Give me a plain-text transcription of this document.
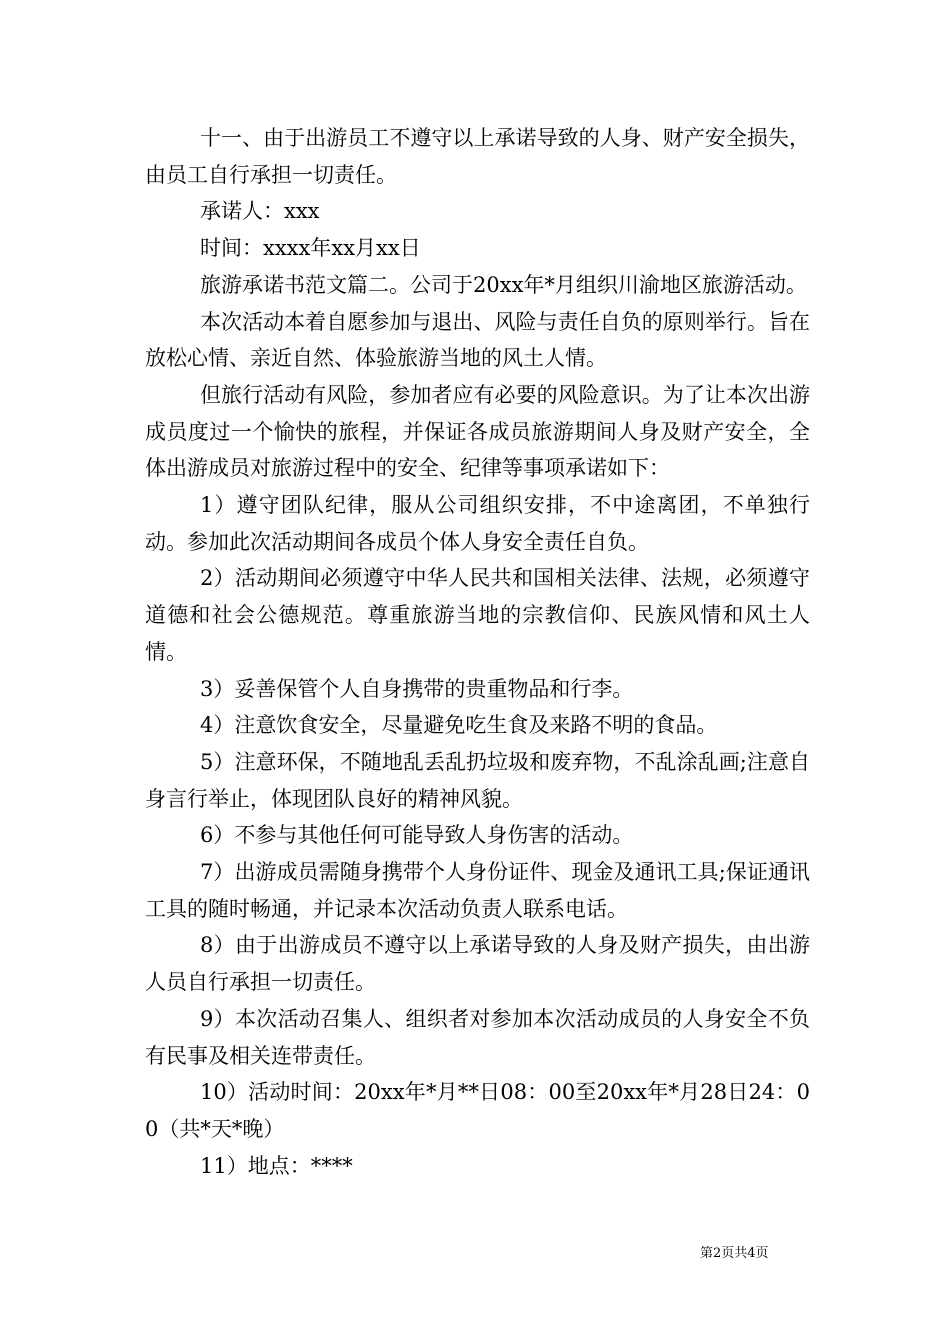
十一、由于出游员工不遵守以上承诺导致的人身、财产安全损失，由员工自行承担一切责任。

承诺人：xxx

时间：xxxx年xx月xx日

旅游承诺书范文篇二。公司于20xx年*月组织川渝地区旅游活动。

本次活动本着自愿参加与退出、风险与责任自负的原则举行。旨在放松心情、亲近自然、体验旅游当地的风土人情。

但旅行活动有风险，参加者应有必要的风险意识。为了让本次出游成员度过一个愉快的旅程，并保证各成员旅游期间人身及财产安全，全体出游成员对旅游过程中的安全、纪律等事项承诺如下：

1）遵守团队纪律，服从公司组织安排，不中途离团，不单独行动。参加此次活动期间各成员个体人身安全责任自负。

2）活动期间必须遵守中华人民共和国相关法律、法规，必须遵守道德和社会公德规范。尊重旅游当地的宗教信仰、民族风情和风土人情。

3）妥善保管个人自身携带的贵重物品和行李。

4）注意饮食安全，尽量避免吃生食及来路不明的食品。

5）注意环保，不随地乱丢乱扔垃圾和废弃物，不乱涂乱画;注意自身言行举止，体现团队良好的精神风貌。

6）不参与其他任何可能导致人身伤害的活动。

7）出游成员需随身携带个人身份证件、现金及通讯工具;保证通讯工具的随时畅通，并记录本次活动负责人联系电话。

8）由于出游成员不遵守以上承诺导致的人身及财产损失，由出游人员自行承担一切责任。

9）本次活动召集人、组织者对参加本次活动成员的人身安全不负有民事及相关连带责任。

10）活动时间：20xx年*月**日08：00至20xx年*月28日24：00（共*天*晚）

11）地点：****

第2页共4页
